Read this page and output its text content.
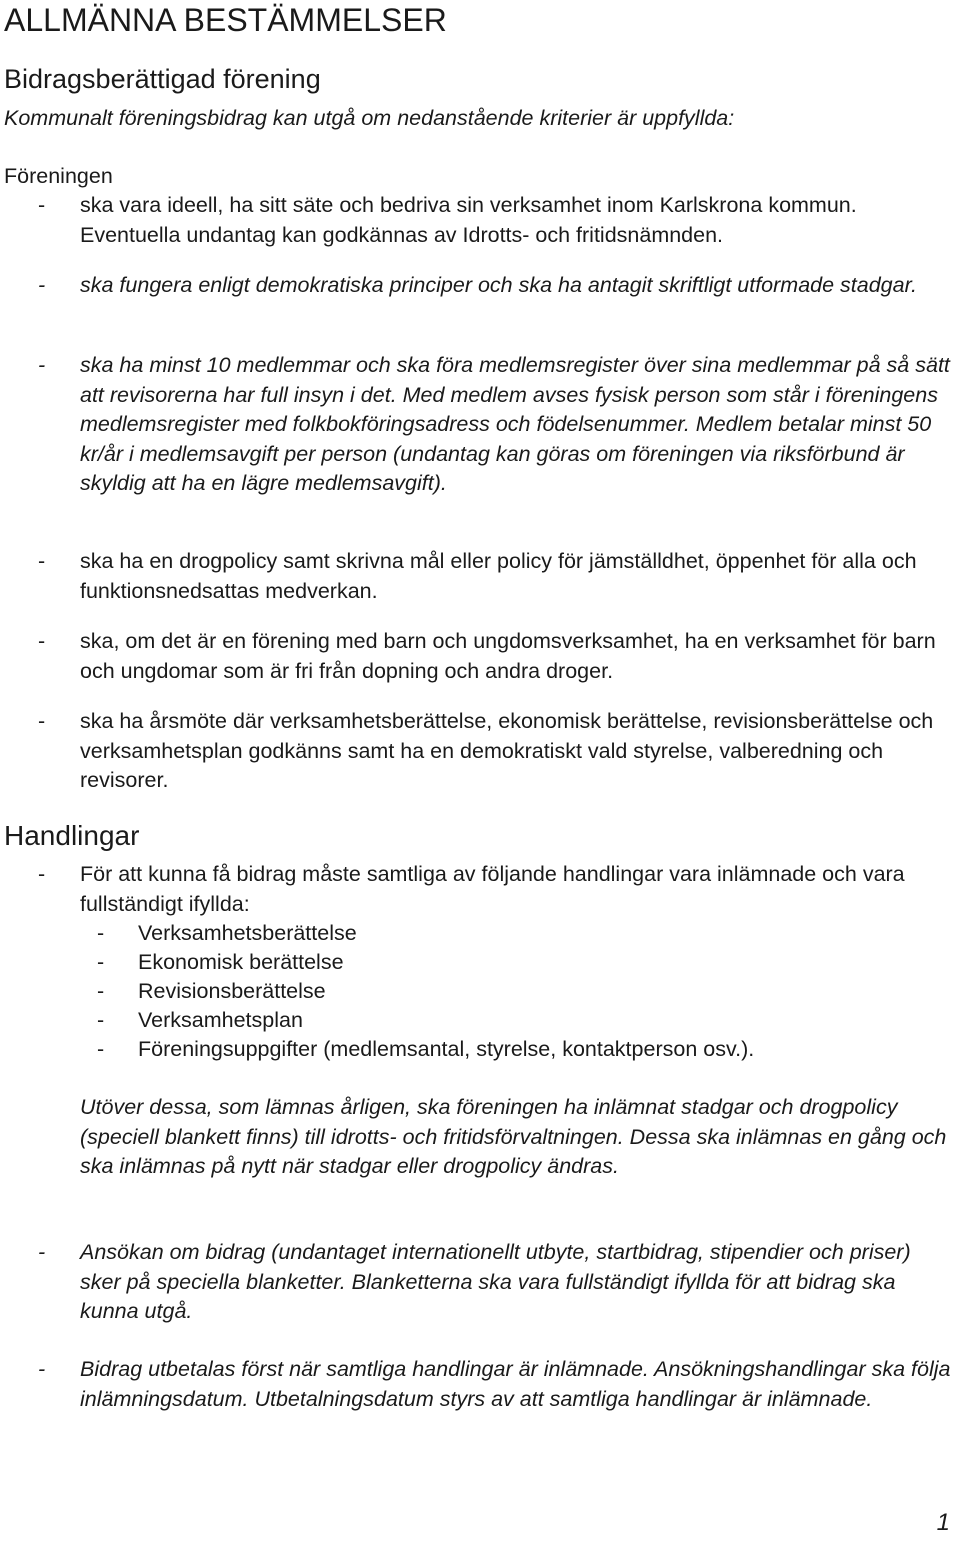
ALLMÄNNA BESTÄMMELSER
Bidragsberättigad förening
Kommunalt föreningsbidrag kan utgå om nedanstående kriterier är uppfyllda:
Föreningen
- ska vara ideell, ha sitt säte och bedriva sin verksamhet inom Karlskrona kommun. Eventuella undantag kan godkännas av Idrotts- och fritidsnämnden.
- ska fungera enligt demokratiska principer och ska ha antagit skriftligt utformade stadgar.
- ska ha minst 10 medlemmar och ska föra medlemsregister över sina medlemmar på så sätt att revisorerna har full insyn i det. Med medlem avses fysisk person som står i föreningens medlemsregister med folkbokföringsadress och födelsenummer. Medlem betalar minst 50 kr/år i medlemsavgift per person (undantag kan göras om föreningen via riksförbund är skyldig att ha en lägre medlemsavgift).
- ska ha en drogpolicy samt skrivna mål eller policy för jämställdhet, öppenhet för alla och funktionsnedsattas medverkan.
- ska, om det är en förening med barn och ungdomsverksamhet, ha en verksamhet för barn och ungdomar som är fri från dopning och andra droger.
- ska ha årsmöte där verksamhetsberättelse, ekonomisk berättelse, revisionsberättelse och verksamhetsplan godkänns samt ha en demokratiskt vald styrelse, valberedning och revisorer.
Handlingar
- För att kunna få bidrag måste samtliga av följande handlingar vara inlämnade och vara fullständigt ifyllda:
- Verksamhetsberättelse
- Ekonomisk berättelse
- Revisionsberättelse
- Verksamhetsplan
- Föreningsuppgifter (medlemsantal, styrelse, kontaktperson osv.).
Utöver dessa, som lämnas årligen, ska föreningen ha inlämnat stadgar och drogpolicy (speciell blankett finns) till idrotts- och fritidsförvaltningen. Dessa ska inlämnas en gång och ska inlämnas på nytt när stadgar eller drogpolicy ändras.
- Ansökan om bidrag (undantaget internationellt utbyte, startbidrag, stipendier och priser) sker på speciella blanketter. Blanketterna ska vara fullständigt ifyllda för att bidrag ska kunna utgå.
- Bidrag utbetalas först när samtliga handlingar är inlämnade. Ansökningshandlingar ska följa inlämningsdatum. Utbetalningsdatum styrs av att samtliga handlingar är inlämnade.
1
